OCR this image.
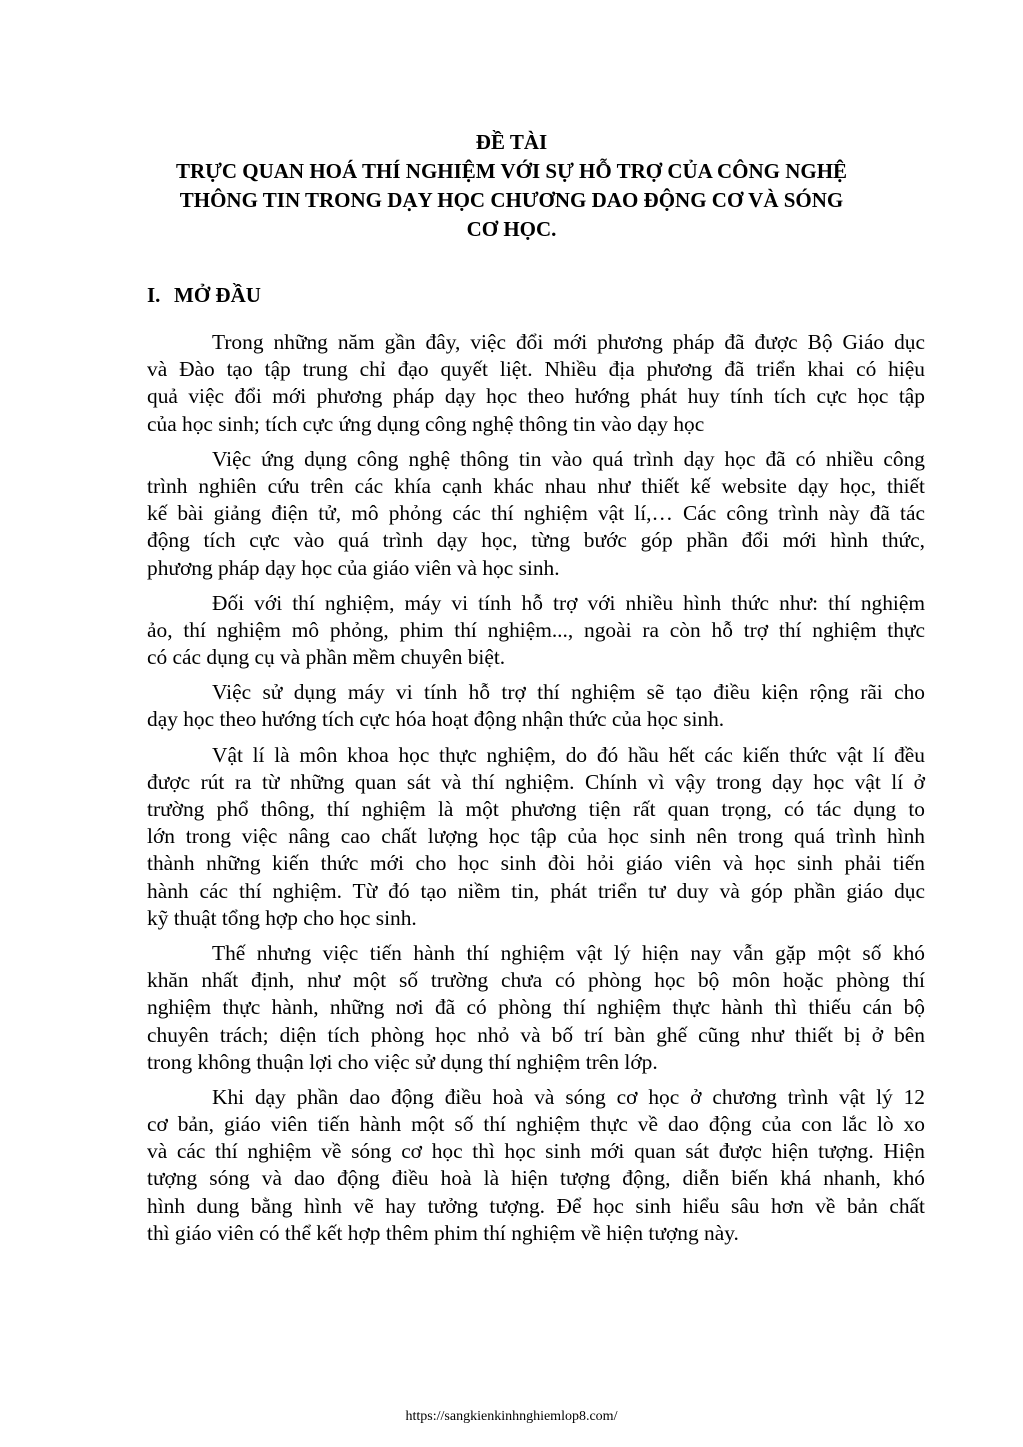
ĐỀ TÀI
TRỰC QUAN HOÁ THÍ NGHIỆM VỚI SỰ HỖ TRỢ CỦA CÔNG NGHỆ
THÔNG TIN TRONG DẠY HỌC CHƯƠNG DAO ĐỘNG CƠ VÀ SÓNG
CƠ HỌC.
I. MỞ ĐẦU
Trong những năm gần đây, việc đổi mới phương pháp đã được Bộ Giáo dục
và Đào tạo tập trung chỉ đạo quyết liệt. Nhiều địa phương đã triển khai có hiệu
quả việc đổi mới phương pháp dạy học theo hướng phát huy tính tích cực học tập
của học sinh; tích cực ứng dụng công nghệ thông tin vào dạy học
Việc ứng dụng công nghệ thông tin vào quá trình dạy học đã có nhiều công
trình nghiên cứu trên các khía cạnh khác nhau như thiết kế website dạy học, thiết
kế bài giảng điện tử, mô phỏng các thí nghiệm vật lí,… Các công trình này đã tác
động tích cực vào quá trình dạy học, từng bước góp phần đổi mới hình thức,
phương pháp dạy học của giáo viên và học sinh.
Đối với thí nghiệm, máy vi tính hỗ trợ với nhiều hình thức như: thí nghiệm
ảo, thí nghiệm mô phỏng, phim thí nghiệm..., ngoài ra còn hỗ trợ thí nghiệm thực
có các dụng cụ và phần mềm chuyên biệt.
Việc sử dụng máy vi tính hỗ trợ thí nghiệm sẽ tạo điều kiện rộng rãi cho
dạy học theo hướng tích cực hóa hoạt động nhận thức của học sinh.
Vật lí là môn khoa học thực nghiệm, do đó hầu hết các kiến thức vật lí đều
được rút ra từ những quan sát và thí nghiệm. Chính vì vậy trong dạy học vật lí ở
trường phổ thông, thí nghiệm là một phương tiện rất quan trọng, có tác dụng to
lớn trong việc nâng cao chất lượng học tập của học sinh nên trong quá trình hình
thành những kiến thức mới cho học sinh đòi hỏi giáo viên và học sinh phải tiến
hành các thí nghiệm. Từ đó tạo niềm tin, phát triển tư duy và góp phần giáo dục
kỹ thuật tổng hợp cho học sinh.
Thế nhưng việc tiến hành thí nghiệm vật lý hiện nay vẫn gặp một số khó
khăn nhất định, như một số trường chưa có phòng học bộ môn hoặc phòng thí
nghiệm thực hành, những nơi đã có phòng thí nghiệm thực hành thì thiếu cán bộ
chuyên trách; diện tích phòng học nhỏ và bố trí bàn ghế cũng như thiết bị ở bên
trong không thuận lợi cho việc sử dụng thí nghiệm trên lớp.
Khi dạy phần dao động điều hoà và sóng cơ học ở chương trình vật lý 12
cơ bản, giáo viên tiến hành một số thí nghiệm thực về dao động của con lắc lò xo
và các thí nghiệm về sóng cơ học thì học sinh mới quan sát được hiện tượng. Hiện
tượng sóng và dao động điều hoà là hiện tượng động, diễn biến khá nhanh, khó
hình dung bằng hình vẽ hay tưởng tượng. Để học sinh hiểu sâu hơn về bản chất
thì giáo viên có thể kết hợp thêm phim thí nghiệm về hiện tượng này.
https://sangkienkinhnghiemlop8.com/
